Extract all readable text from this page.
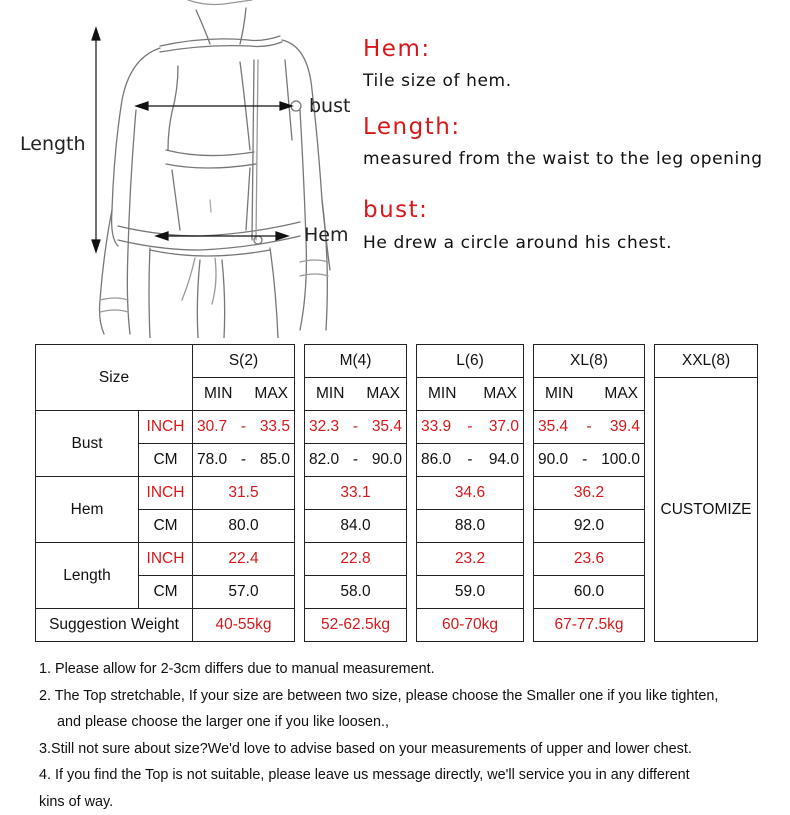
Length
bust
Hem
Hem:
Tile size of hem.
Length:
measured from the waist to the leg opening
bust:
He drew a circle around his chest.
Size		S(2)		M(4)		L(6)		XL(8)		XXL(8)

		MIN MAX		MIN MAX		MIN MAX		MIN MAX		CUSTOMIZE
Bust	INCH	30.7 - 33.5		32.3 - 35.4		33.9 - 37.0		35.4 - 39.4		

	CM	78.0 - 85.0		82.0 - 90.0		86.0 - 94.0		90.0 - 100.0		

Hem	INCH	31.5		33.1		34.6		36.2		
	CM	80.0		84.0		88.0		92.0		
Length	INCH	22.4		22.8		23.2		23.6		
	CM	57.0		58.0		59.0		60.0		
Suggestion Weight		40-55kg		52-62.5kg		60-70kg		67-77.5kg		
1. Please allow for 2-3cm differs due to manual measurement.
2. The Top stretchable, If your size are between two size, please choose the Smaller one if you like tighten,
and please choose the larger one if you like loosen.,
3.Still not sure about size?We'd love to advise based on your measurements of upper and lower chest.
4. If you find the Top is not suitable, please leave us message directly, we'll service you in any different
kins of way.
